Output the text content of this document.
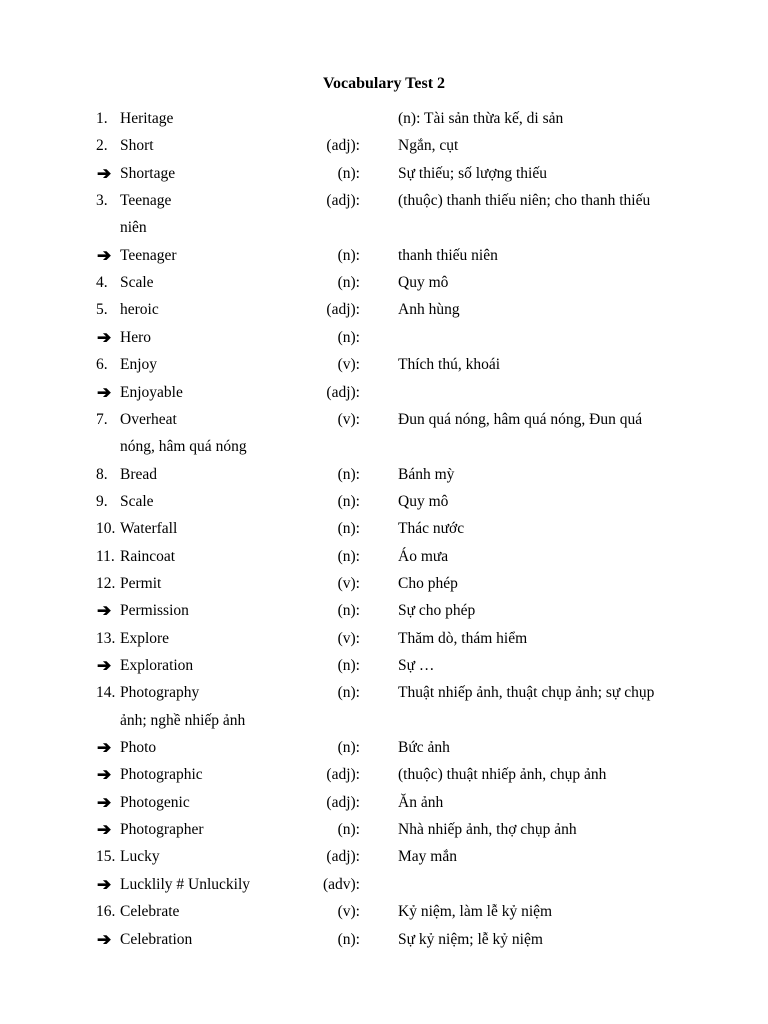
Vocabulary Test 2
1. Heritage	(n): Tài sản thừa kế, di sản
2. Short	(adj): Ngắn, cụt
➔ Shortage	(n): Sự thiếu; số lượng thiếu
3. Teenage	(adj): (thuộc) thanh thiếu niên; cho thanh thiếu
niên
➔ Teenager	(n): thanh thiếu niên
4. Scale	(n): Quy mô
5. heroic	(adj): Anh hùng
➔ Hero	(n):
6. Enjoy	(v): Thích thú, khoái
➔ Enjoyable	(adj):
7. Overheat	(v): Đun quá nóng, hâm quá nóng, Đun quá
nóng, hâm quá nóng
8. Bread	(n): Bánh mỳ
9. Scale	(n): Quy mô
10. Waterfall	(n): Thác nước
11. Raincoat	(n): Áo mưa
12. Permit	(v): Cho phép
➔ Permission	(n): Sự cho phép
13. Explore	(v): Thăm dò, thám hiểm
➔ Exploration	(n): Sự …
14. Photography	(n): Thuật nhiếp ảnh, thuật chụp ảnh; sự chụp
ảnh; nghề nhiếp ảnh
➔ Photo	(n): Bức ảnh
➔ Photographic	(adj): (thuộc) thuật nhiếp ảnh, chụp ảnh
➔ Photogenic	(adj): Ăn ảnh
➔ Photographer	(n): Nhà nhiếp ảnh, thợ chụp ảnh
15. Lucky	(adj): May mắn
➔ Lucklily # Unluckily	(adv):
16. Celebrate	(v): Kỷ niệm, làm lễ kỷ niệm
➔ Celebration	(n): Sự kỷ niệm; lễ kỷ niệm
